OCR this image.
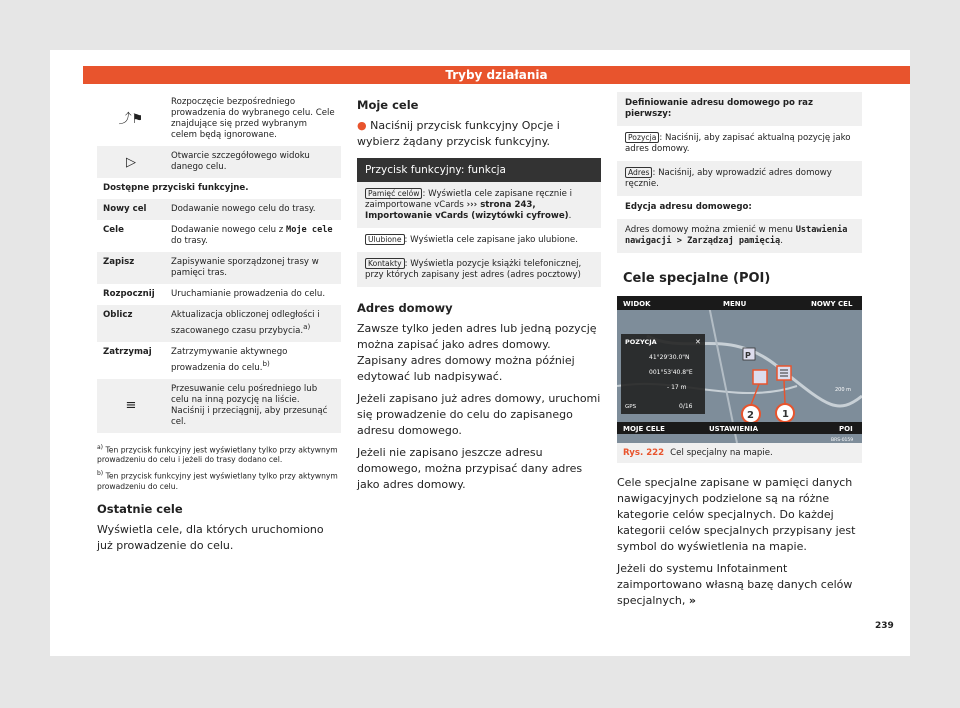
Tryby działania
⤴⚑	Rozpoczęcie bezpośredniego prowadzenia do wybranego celu. Cele znajdujące się przed wybranym celem będą ignorowane.
▷	Otwarcie szczegółowego widoku danego celu.
Dostępne przyciski funkcyjne.	
Nowy cel	Dodawanie nowego celu do trasy.
Cele	Dodawanie nowego celu z Moje cele do trasy.
Zapisz	Zapisywanie sporządzonej trasy w pamięci tras.
Rozpocznij	Uruchamianie prowadzenia do celu.
Oblicz	Aktualizacja obliczonej odległości i szacowanego czasu przybycia.$^{a)}$
Zatrzymaj	Zatrzymywanie aktywnego prowadzenia do celu.$^{b)}$
≡	Przesuwanie celu pośredniego lub celu na inną pozycję na liście. Naciśnij i przeciągnij, aby przesunąć cel.

$^{a)}$ Ten przycisk funkcyjny jest wyświetlany tylko przy aktywnym prowadzeniu do celu i jeżeli do trasy dodano cel.

$^{b)}$ Ten przycisk funkcyjny jest wyświetlany tylko przy aktywnym prowadzeniu do celu.

Ostatnie cele

Wyświetla cele, dla których uruchomiono już prowadzenie do celu.

Moje cele
● Naciśnij przycisk funkcyjny Opcje i wybierz żądany przycisk funkcyjny.
Przycisk funkcyjny: funkcja
Pamięć celów : Wyświetla cele zapisane ręcznie i zaimportowane vCards ››› strona 243, Importowanie vCards (wizytówki cyfrowe).
Ulubione : Wyświetla cele zapisane jako ulubione.
Kontakty : Wyświetla pozycje książki telefonicznej, przy których zapisany jest adres (adres pocztowy)
Adres domowy

Zawsze tylko jeden adres lub jedną pozycję można zapisać jako adres domowy. Zapisany adres domowy można później edytować lub nadpisywać.

Jeżeli zapisano już adres domowy, uruchomi się prowadzenie do celu do zapisanego adresu domowego.

Jeżeli nie zapisano jeszcze adresu domowego, można przypisać dany adres jako adres domowy.

Definiowanie adresu domowego po raz pierwszy:
Pozycja : Naciśnij, aby zapisać aktualną pozycję jako adres domowy.
Adres : Naciśnij, aby wprowadzić adres domowy ręcznie.
Edycja adresu domowego:
Adres domowy można zmienić w menu Ustawienia nawigacji > Zarządzaj pamięcią.
Cele specjalne (POI)
WIDOK	MENU	NOWY CEL
POZYCJA	✕
41°29'30.0"N
001°53'40.8"E
- 17 m
GPS	0/16
P
2	1
200 m
MOJE CELE	USTAWIENIA	POI
BRS-0159
Rys. 222 Cel specjalny na mapie.

Cele specjalne zapisane w pamięci danych nawigacyjnych podzielone są na różne kategorie celów specjalnych. Do każdej kategorii celów specjalnych przypisany jest symbol do wyświetlenia na mapie.

Jeżeli do systemu Infotainment zaimportowano własną bazę danych celów specjalnych, »

239
